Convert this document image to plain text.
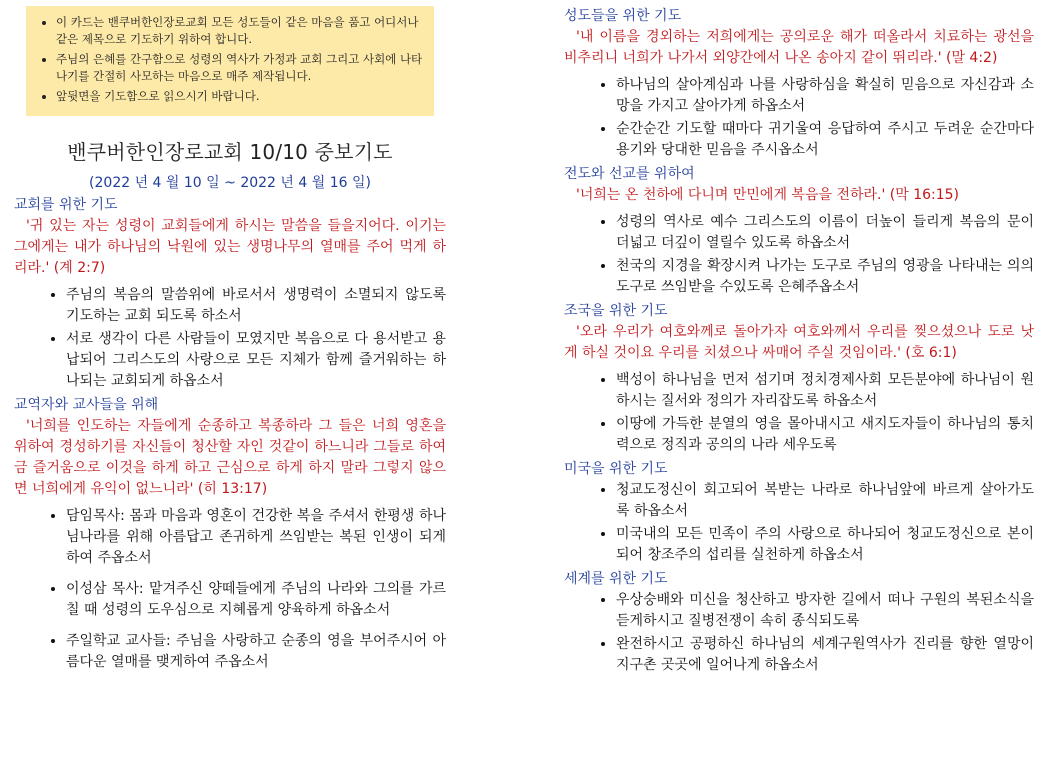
• 이 카드는 밴쿠버한인장로교회 모든 성도들이 같은 마음을 품고 어디서나 같은 제목으로 기도하기 위하여 합니다.
• 주님의 은혜를 간구함으로 성령의 역사가 가정과 교회 그리고 사회에 나타나기를 간절히 사모하는 마음으로 매주 제작됩니다.
• 앞뒷면을 기도함으로 읽으시기 바랍니다.
밴쿠버한인장로교회 10/10 중보기도
(2022 년 4 월 10 일 ~ 2022 년 4 월 16 일)
교회를 위한 기도
'귀 있는 자는 성령이 교회들에게 하시는 말씀을 들을지어다. 이기는 그에게는 내가 하나님의 낙원에 있는 생명나무의 열매를 주어 먹게 하리라.' (계 2:7)
• 주님의 복음의 말씀위에 바로서서 생명력이 소멸되지 않도록 기도하는 교회 되도록 하소서
• 서로 생각이 다른 사람들이 모였지만 복음으로 다 용서받고 용납되어 그리스도의 사랑으로 모든 지체가 함께 즐거워하는 하나되는 교회되게 하옵소서
교역자와 교사들을 위해
'너희를 인도하는 자들에게 순종하고 복종하라 그 들은 너희 영혼을 위하여 경성하기를 자신들이 청산할 자인 것같이 하느니라 그들로 하여금 즐거움으로 이것을 하게 하고 근심으로 하게 하지 말라 그렇지 않으면 너희에게 유익이 없느니라' (히 13:17)
• 담임목사: 몸과 마음과 영혼이 건강한 복을 주셔서 한평생 하나님나라를 위해 아름답고 존귀하게 쓰임받는 복된 인생이 되게 하여 주옵소서
• 이성삼 목사: 맡겨주신 양떼들에게 주님의 나라와 그의를 가르칠 때 성령의 도우심으로 지혜롭게 양육하게 하옵소서
• 주일학교 교사들: 주님을 사랑하고 순종의 영을 부어주시어 아름다운 열매를 맺게하여 주옵소서
성도들을 위한 기도
'내 이름을 경외하는 저희에게는 공의로운 해가 떠올라서 치료하는 광선을 비추리니 너희가 나가서 외양간에서 나온 송아지 같이 뛰리라.' (말 4:2)
• 하나님의 살아계심과 나를 사랑하심을 확실히 믿음으로 자신감과 소망을 가지고 살아가게 하옵소서
• 순간순간 기도할 때마다 귀기울여 응답하여 주시고 두려운 순간마다 용기와 당대한 믿음을 주시옵소서
전도와 선교를 위하여
'너희는 온 천하에 다니며 만민에게 복음을 전하라.' (막 16:15)
• 성령의 역사로 예수 그리스도의 이름이 더높이 들리게 복음의 문이 더넓고 더깊이 열릴수 있도록 하옵소서
• 천국의 지경을 확장시켜 나가는 도구로 주님의 영광을 나타내는 의의 도구로 쓰임받을 수있도록 은혜주옵소서
조국을 위한 기도
'오라 우리가 여호와께로 돌아가자 여호와께서 우리를 찢으셨으나 도로 낫게 하실 것이요 우리를 치셨으나 싸매어 주실 것임이라.' (호 6:1)
• 백성이 하나님을 먼저 섬기며 정치경제사회 모든분야에 하나님이 원하시는 질서와 정의가 자리잡도록 하옵소서
• 이땅에 가득한 분열의 영을 몰아내시고 새지도자들이 하나님의 통치력으로 정직과 공의의 나라 세우도록
미국을 위한 기도
• 청교도정신이 회고되어 복받는 나라로 하나님앞에 바르게 살아가도록 하옵소서
• 미국내의 모든 민족이 주의 사랑으로 하나되어 청교도정신으로 본이되어 창조주의 섭리를 실천하게 하옵소서
세계를 위한 기도
• 우상숭배와 미신을 청산하고 방자한 길에서 떠나 구원의 복된소식을 듣게하시고 질병전쟁이 속히 종식되도록
• 완전하시고 공평하신 하나님의 세계구원역사가 진리를 향한 열망이 지구촌 곳곳에 일어나게 하옵소서
